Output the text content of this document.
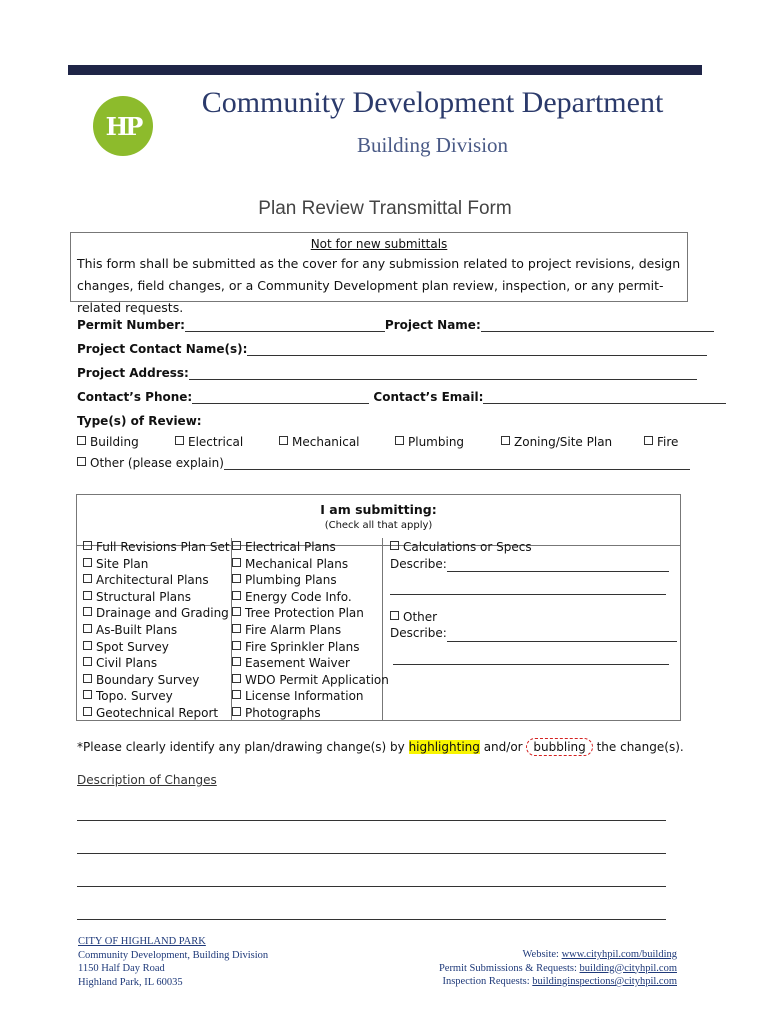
HP
Community Development Department
Building Division
Plan Review Transmittal Form
Not for new submittals
This form shall be submitted as the cover for any submission related to project revisions, design changes, field changes, or a Community Development plan review, inspection, or any permit-related requests.
Permit Number:	Project Name:
Project Contact Name(s):
Project Address:
Contact’s Phone:	Contact’s Email:
Type(s) of Review:
Building	Electrical	Mechanical	Plumbing	Zoning/Site Plan	Fire
Other (please explain)
I am submitting:
(Check all that apply)
Full Revisions Plan Set
Site Plan
Architectural Plans
Structural Plans
Drainage and Grading
As-Built Plans
Spot Survey
Civil Plans
Boundary Survey
Topo. Survey
Geotechnical Report
Electrical Plans
Mechanical Plans
Plumbing Plans
Energy Code Info.
Tree Protection Plan
Fire Alarm Plans
Fire Sprinkler Plans
Easement Waiver
WDO Permit Application
License Information
Photographs
Calculations or Specs
Describe:
Other
Describe:
*Please clearly identify any plan/drawing change(s) by highlighting and/or bubbling the change(s).
Description of Changes
CITY OF HIGHLAND PARK
Community Development, Building Division
1150 Half Day Road
Highland Park, IL 60035
Website: www.cityhpil.com/building
Permit Submissions & Requests: building@cityhpil.com
Inspection Requests: buildinginspections@cityhpil.com
